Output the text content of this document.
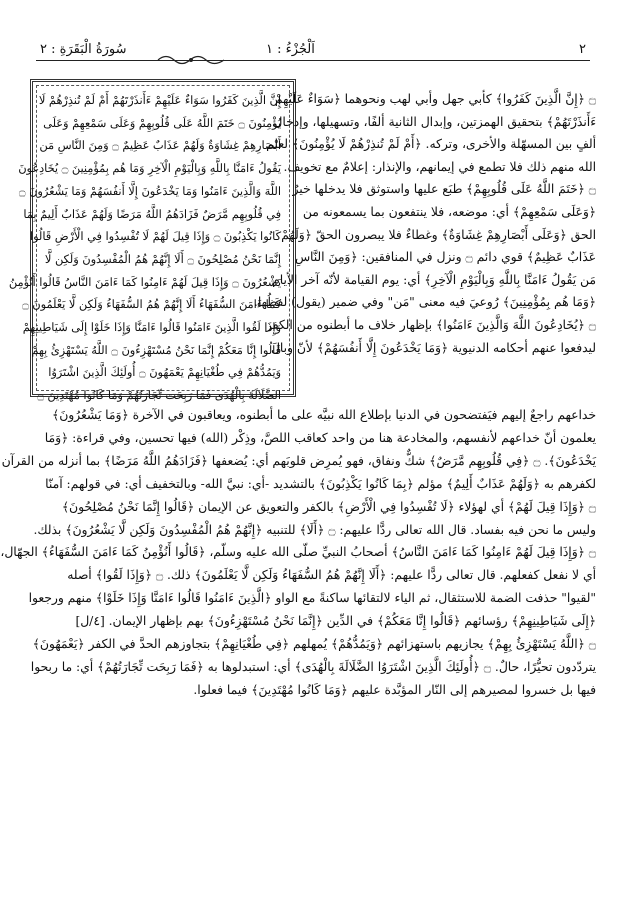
٢
اَلْجُزْءُ : ١
سُورَةُ الْبَقَرَةِ : ٢
إِنَّ الَّذِينَ كَفَرُوا سَوَاءٌ عَلَيْهِمْ ءَأَنذَرْتَهُمْ أَمْ لَمْ تُنذِرْهُمْ لَا
يُؤْمِنُونَ ۝ خَتَمَ اللَّهُ عَلَى قُلُوبِهِمْ وَعَلَى سَمْعِهِمْ وَعَلَى
أَبْصَارِهِمْ غِشَاوَةٌ وَلَهُمْ عَذَابٌ عَظِيمٌ ۝ وَمِنَ النَّاسِ مَن
يَقُولُ ءَامَنَّا بِاللَّهِ وَبِالْيَوْمِ الْآخِرِ وَمَا هُم بِمُؤْمِنِينَ ۝ يُخَادِعُونَ
اللَّهَ وَالَّذِينَ ءَامَنُوا وَمَا يَخْدَعُونَ إِلَّا أَنفُسَهُمْ وَمَا يَشْعُرُونَ ۝
فِي قُلُوبِهِم مَّرَضٌ فَزَادَهُمُ اللَّهُ مَرَضًا وَلَهُمْ عَذَابٌ أَلِيمٌ بِمَا
كَانُوا يَكْذِبُونَ ۝ وَإِذَا قِيلَ لَهُمْ لَا تُفْسِدُوا فِي الْأَرْضِ قَالُوا
إِنَّمَا نَحْنُ مُصْلِحُونَ ۝ أَلَا إِنَّهُمْ هُمُ الْمُفْسِدُونَ وَلَكِن لَّا
يَشْعُرُونَ ۝ وَإِذَا قِيلَ لَهُمْ ءَامِنُوا كَمَا ءَامَنَ النَّاسُ قَالُوا أَنُؤْمِنُ
كَمَا ءَامَنَ السُّفَهَاءُ أَلَا إِنَّهُمْ هُمُ السُّفَهَاءُ وَلَكِن لَّا يَعْلَمُونَ ۝
وَإِذَا لَقُوا الَّذِينَ ءَامَنُوا قَالُوا ءَامَنَّا وَإِذَا خَلَوْا إِلَى شَيَاطِينِهِمْ
قَالُوا إِنَّا مَعَكُمْ إِنَّمَا نَحْنُ مُسْتَهْزِءُونَ ۝ اللَّهُ يَسْتَهْزِئُ بِهِمْ
وَيَمُدُّهُمْ فِي طُغْيَانِهِمْ يَعْمَهُونَ ۝ أُولَئِكَ الَّذِينَ اشْتَرَوُا
الضَّلَالَةَ بِالْهُدَى فَمَا رَبِحَت تِّجَارَتُهُمْ وَمَا كَانُوا مُهْتَدِينَ ۝
۝ ﴿إِنَّ الَّذِينَ كَفَرُوا﴾ كأبي جهل وأبي لهب ونحوهما ﴿سَوَاءٌ عَلَيْهِمْ
ءَأَنذَرْتَهُمْ﴾ بتحقيق الهمزتين، وإبدال الثانية ألفًا، وتسهيلها، وإدخال
ألفٍ بين المسهّلة والأخرى، وتركه. ﴿أَمْ لَمْ تُنذِرْهُمْ لَا يُؤْمِنُونَ﴾ لعلم
الله منهم ذلك فلا تطمع في إيمانهم، والإنذار: إعلامٌ مع تخويف.
۝ ﴿خَتَمَ اللَّهُ عَلَى قُلُوبِهِمْ﴾ طبَع عليها واستوثق فلا يدخلها خيرٌ
﴿وَعَلَى سَمْعِهِمْ﴾ أي: موضعه، فلا ينتفعون بما يسمعونه من
الحق ﴿وَعَلَى أَبْصَارِهِمْ غِشَاوَةٌ﴾ وغطاءٌ فلا يبصرون الحقّ ﴿وَلَهُمْ
عَذَابٌ عَظِيمٌ﴾ قوي دائم ۝ ونزل في المنافقين: ﴿وَمِنَ النَّاسِ
مَن يَقُولُ ءَامَنَّا بِاللَّهِ وَبِالْيَوْمِ الْآخِرِ﴾ أي: يوم القيامة لأنّه آخر الأيام
﴿وَمَا هُم بِمُؤْمِنِينَ﴾ رُوعيَ فيه معنى "مَن" وفي ضمير (يقول) لفظُها.
۝ ﴿يُخَادِعُونَ اللَّهَ وَالَّذِينَ ءَامَنُوا﴾ بإظهار خلاف ما أبطنوه من الكفر
ليدفعوا عنهم أحكامه الدنيوية ﴿وَمَا يَخْدَعُونَ إِلَّا أَنفُسَهُمْ﴾ لأنّ وبالَ
خداعهم راجعٌ إليهم فيَفتضحون في الدنيا بإطلاع الله نبيَّه على ما أبطنوه، ويعاقبون في الآخرة ﴿وَمَا يَشْعُرُونَ﴾
يعلمون أنّ خداعهم لأنفسهم، والمخادعة هنا من واحد كعاقب اللصَّ، وذِكْر (الله) فيها تحسين، وفي قراءة: ﴿وَمَا
يَخْدَعُونَ﴾. ۝ ﴿فِي قُلُوبِهِم مَّرَضٌ﴾ شكٌّ ونفاق، فهو يُمرِض قلوبَهم أي: يُضعفها ﴿فَزَادَهُمُ اللَّهُ مَرَضًا﴾ بما أنزله من القرآن
لكفرهم به ﴿وَلَهُمْ عَذَابٌ أَلِيمٌ﴾ مؤلم ﴿بِمَا كَانُوا يَكْذِبُونَ﴾ بالتشديد -أي: نبيَّ الله- وبالتخفيف أي: في قولهم: آمنّا
۝ ﴿وَإِذَا قِيلَ لَهُمْ﴾ أي لهؤلاء ﴿لَا تُفْسِدُوا فِي الْأَرْضِ﴾ بالكفر والتعويق عن الإيمان ﴿قَالُوا إِنَّمَا نَحْنُ مُصْلِحُونَ﴾
وليس ما نحن فيه بفساد. قال الله تعالى ردًّا عليهم: ۝ ﴿أَلَا﴾ للتنبيه ﴿إِنَّهُمْ هُمُ الْمُفْسِدُونَ وَلَكِن لَّا يَشْعُرُونَ﴾ بذلك.
۝ ﴿وَإِذَا قِيلَ لَهُمْ ءَامِنُوا كَمَا ءَامَنَ النَّاسُ﴾ أصحابُ النبيِّ صلّى الله عليه وسلّم، ﴿قَالُوا أَنُؤْمِنُ كَمَا ءَامَنَ السُّفَهَاءُ﴾ الجهّال،
أي لا نفعل كفعلهم. قال تعالى ردًّا عليهم: ﴿أَلَا إِنَّهُمْ هُمُ السُّفَهَاءُ وَلَكِن لَّا يَعْلَمُونَ﴾ ذلك. ۝ ﴿وَإِذَا لَقُوا﴾ أصله
"لقيوا" حذفت الضمة للاستثقال، ثم الياء لالتقائها ساكنةً مع الواو ﴿الَّذِينَ ءَامَنُوا قَالُوا ءَامَنَّا وَإِذَا خَلَوْا﴾ منهم ورجعوا
﴿إِلَى شَيَاطِينِهِمْ﴾ رؤسائهم ﴿قَالُوا إِنَّا مَعَكُمْ﴾ في الدِّين ﴿إِنَّمَا نَحْنُ مُسْتَهْزِءُونَ﴾ بهم بإظهار الإيمان. [٤/ل]
۝ ﴿اللَّهُ يَسْتَهْزِئُ بِهِمْ﴾ يجازيهم باستهزائهم ﴿وَيَمُدُّهُمْ﴾ يُمهلهم ﴿فِي طُغْيَانِهِمْ﴾ بتجاوزهم الحدَّ في الكفر ﴿يَعْمَهُونَ﴾
يتردّدون تحيُّرًا، حالٌ. ۝ ﴿أُولَئِكَ الَّذِينَ اشْتَرَوُا الضَّلَالَةَ بِالْهُدَى﴾ أي: استبدلوها به ﴿فَمَا رَبِحَت تِّجَارَتُهُمْ﴾ أي: ما ربحوا
فيها بل خسروا لمصيرهم إلى النّار المؤبَّدة عليهم ﴿وَمَا كَانُوا مُهْتَدِينَ﴾ فيما فعلوا.
